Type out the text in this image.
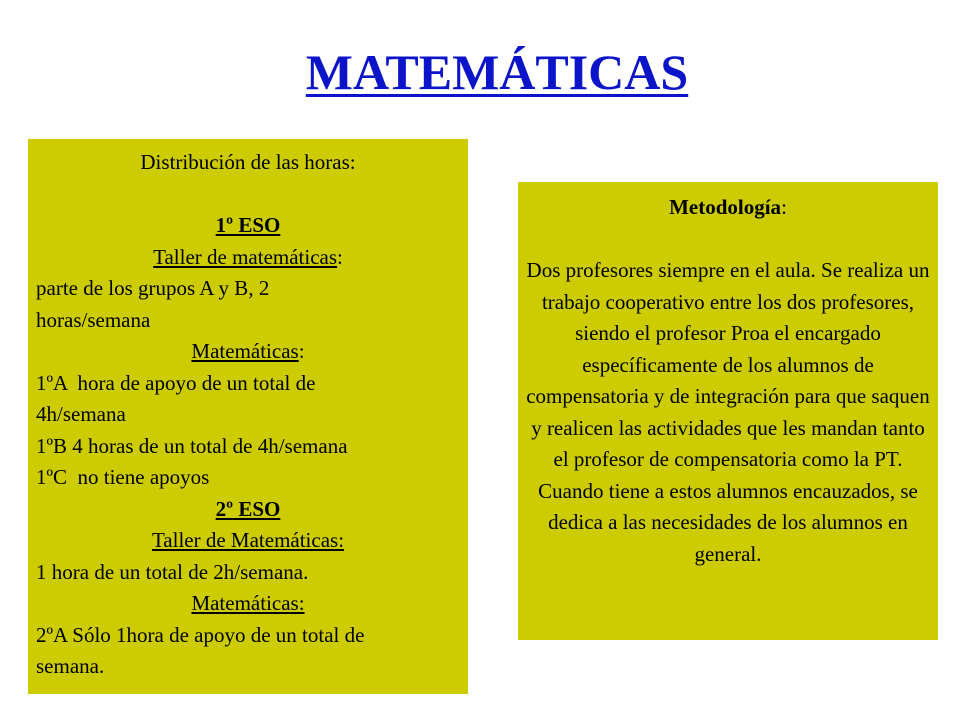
MATEMÁTICAS
Distribución de las horas:
1º ESO
Taller de matemáticas:
parte de los grupos A y B, 2
horas/semana
Matemáticas:
1ºA  hora de apoyo de un total de
4h/semana
1ºB 4 horas de un total de 4h/semana
1ºC  no tiene apoyos
2º ESO
Taller de Matemáticas:
1 hora de un total de 2h/semana.
Matemáticas:
2ºA Sólo 1hora de apoyo de un total de
semana.
Metodología:
Dos profesores siempre en el aula. Se realiza un trabajo cooperativo entre los dos profesores, siendo el profesor Proa el encargado específicamente de los alumnos de compensatoria y de integración para que saquen y realicen las actividades que les mandan tanto el profesor de compensatoria como la PT. Cuando tiene a estos alumnos encauzados, se dedica a las necesidades de los alumnos en general.
